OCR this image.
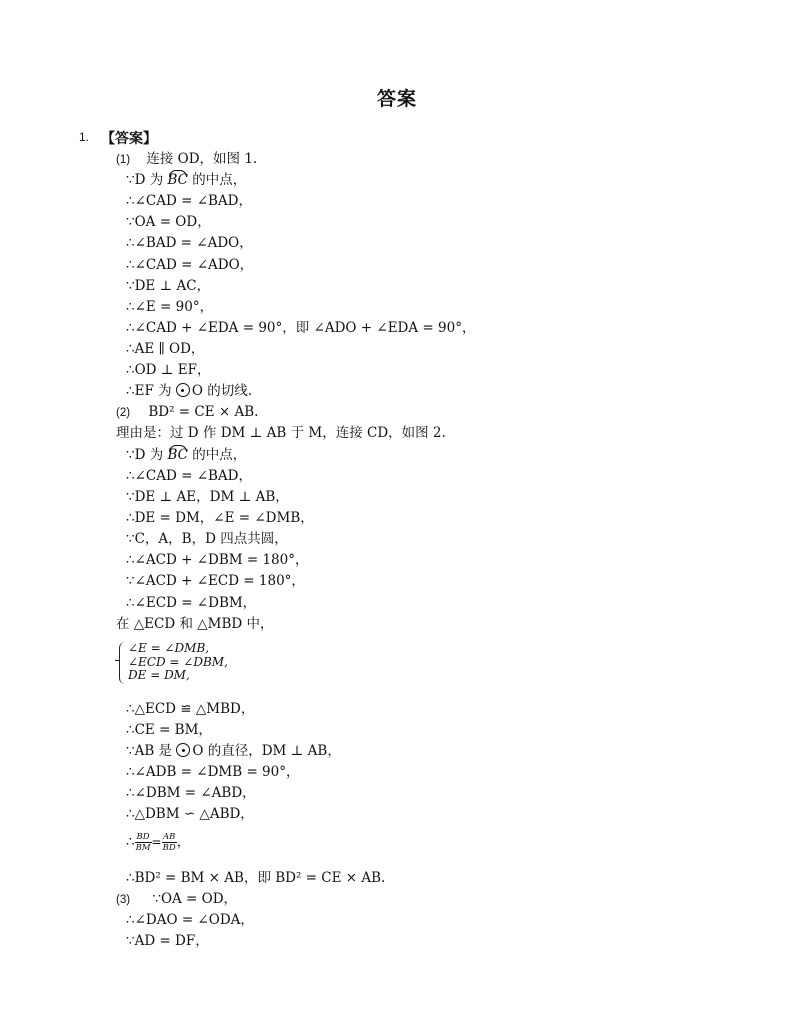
答案
1. 【答案】
(1) 连接 OD，如图 1.
∵D 为 BC 的中点，
∴∠CAD = ∠BAD，
∵OA = OD，
∴∠BAD = ∠ADO，
∴∠CAD = ∠ADO，
∵DE ⊥ AC，
∴∠E = 90°，
∴∠CAD + ∠EDA = 90°，即 ∠ADO + ∠EDA = 90°，
∴AE ∥ OD，
∴OD ⊥ EF，
∴EF 为 O 的切线.
(2) BD² = CE × AB.
理由是：过 D 作 DM ⊥ AB 于 M，连接 CD，如图 2.
∵D 为 BC 的中点，
∴∠CAD = ∠BAD，
∵DE ⊥ AE，DM ⊥ AB，
∴DE = DM，∠E = ∠DMB，
∵C，A，B，D 四点共圆，
∴∠ACD + ∠DBM = 180°，
∵∠ACD + ∠ECD = 180°，
∴∠ECD = ∠DBM，
在 △ECD 和 △MBD 中，
∠E = ∠DMB,
∠ECD = ∠DBM,
DE = DM,
∴△ECD ≌ △MBD，
∴CE = BM，
∵AB 是 O 的直径，DM ⊥ AB，
∴∠ADB = ∠DMB = 90°，
∴∠DBM = ∠ABD，
∴△DBM ∽ △ABD，
∴ $\frac{BD}{BM} = \frac{AB}{BD}$ ，
∴BD² = BM × AB，即 BD² = CE × AB.
(3) ∵OA = OD，
∴∠DAO = ∠ODA，
∵AD = DF，
